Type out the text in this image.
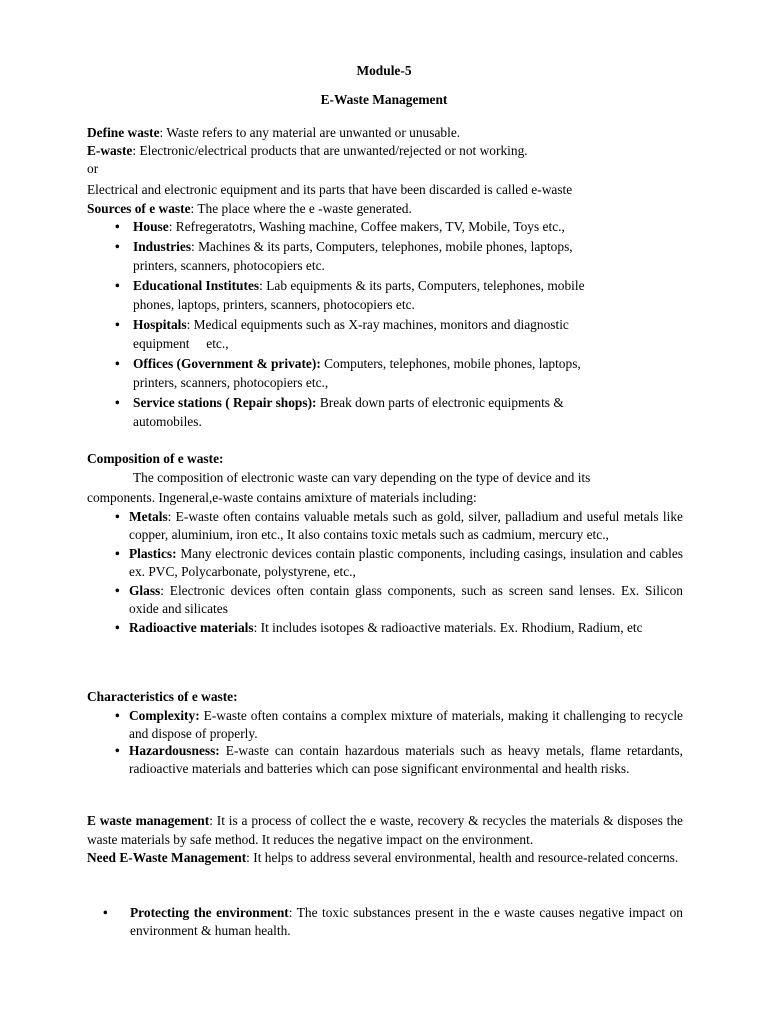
Module-5
E-Waste Management
Define waste: Waste refers to any material are unwanted or unusable.
E-waste: Electronic/electrical products that are unwanted/rejected or not working.
or
Electrical and electronic equipment and its parts that have been discarded is called e-waste
Sources of e waste: The place where the e -waste generated.
• House: Refregeratotrs, Washing machine, Coffee makers, TV, Mobile, Toys etc.,
• Industries: Machines & its parts, Computers, telephones, mobile phones, laptops,
printers, scanners, photocopiers etc.
• Educational Institutes: Lab equipments & its parts, Computers, telephones, mobile
phones, laptops, printers, scanners, photocopiers etc.
• Hospitals: Medical equipments such as X-ray machines, monitors and diagnostic
equipment     etc.,
• Offices (Government & private): Computers, telephones, mobile phones, laptops,
printers, scanners, photocopiers etc.,
• Service stations ( Repair shops): Break down parts of electronic equipments &
automobiles.
Composition of e waste:
The composition of electronic waste can vary depending on the type of device and its
components. Ingeneral,e-waste contains amixture of materials including:
• Metals: E-waste often contains valuable metals such as gold, silver, palladium and useful metals like copper, aluminium, iron etc., It also contains toxic metals such as cadmium, mercury etc.,
• Plastics: Many electronic devices contain plastic components, including casings, insulation and cables ex. PVC, Polycarbonate, polystyrene, etc.,
• Glass: Electronic devices often contain glass components, such as screen sand lenses. Ex. Silicon oxide and silicates
• Radioactive materials: It includes isotopes & radioactive materials. Ex. Rhodium, Radium, etc
Characteristics of e waste:
• Complexity: E-waste often contains a complex mixture of materials, making it challenging to recycle and dispose of properly.
• Hazardousness: E-waste can contain hazardous materials such as heavy metals, flame retardants, radioactive materials and batteries which can pose significant environmental and health risks.
E waste management: It is a process of collect the e waste, recovery & recycles the materials & disposes the waste materials by safe method. It reduces the negative impact on the environment.
Need E-Waste Management: It helps to address several environmental, health and resource-related concerns.
•	Protecting the environment: The toxic substances present in the e waste causes negative impact on environment & human health.
